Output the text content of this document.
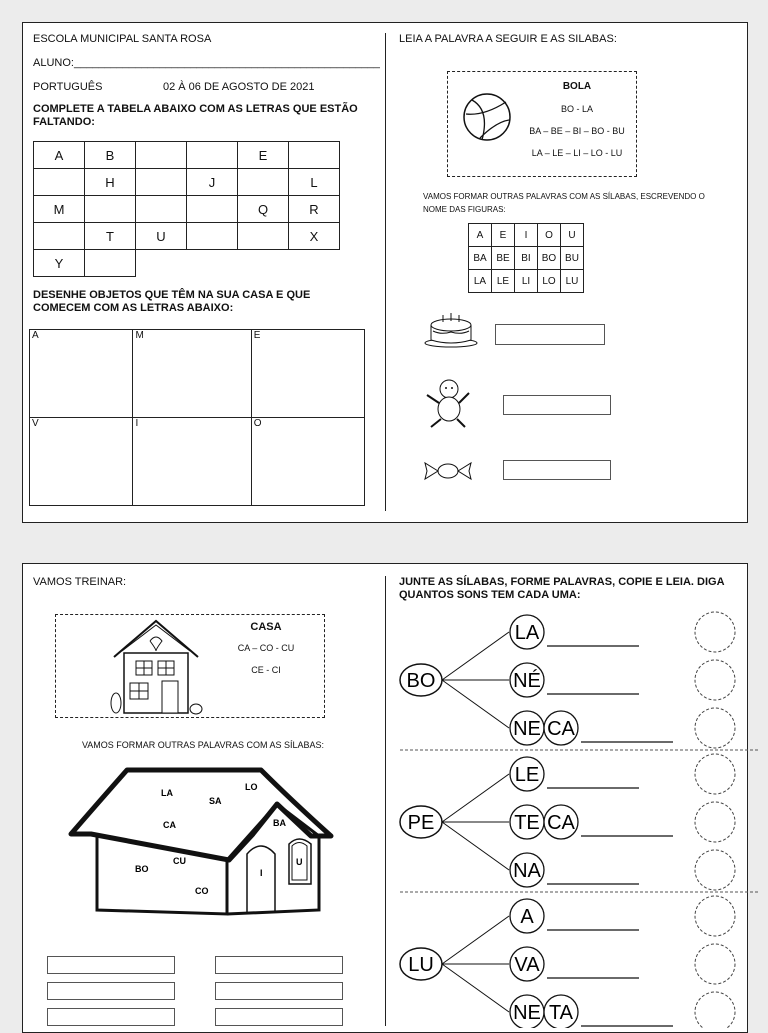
ESCOLA MUNICIPAL SANTA ROSA
ALUNO:__________________________________________________
PORTUGUÊS	02 À 06 DE AGOSTO DE 2021
COMPLETE A TABELA ABAIXO COM AS LETRAS QUE ESTÃO FALTANDO:
A	B			E	
	H		J		L
M				Q	R
	T	U			X
Y					
DESENHE OBJETOS QUE TÊM NA SUA CASA E QUE COMECEM COM AS LETRAS ABAIXO:
A	M	E
V	I	O
LEIA A PALAVRA A SEGUIR E AS SILABAS:
BOLA
BO - LA
BA – BE – BI – BO - BU
LA – LE – LI – LO - LU
VAMOS FORMAR OUTRAS PALAVRAS COM AS SÍLABAS, ESCREVENDO O NOME DAS FIGURAS:
A	E	I	O	U
BA	BE	BI	BO	BU
LA	LE	LI	LO	LU
VAMOS TREINAR:
CASA
CA – CO - CU
CE - CI
VAMOS FORMAR OUTRAS PALAVRAS COM AS SÍLABAS:
LA
SA
LO
CA	BA
CU
BO
CO
I
U
JUNTE AS SÍLABAS, FORME PALAVRAS, COPIE E LEIA. DIGA QUANTOS SONS TEM CADA UMA:
BO
LA
NÉ
NE CA
PE
LE
TE CA
NA
LU
A
VA
NE TA
